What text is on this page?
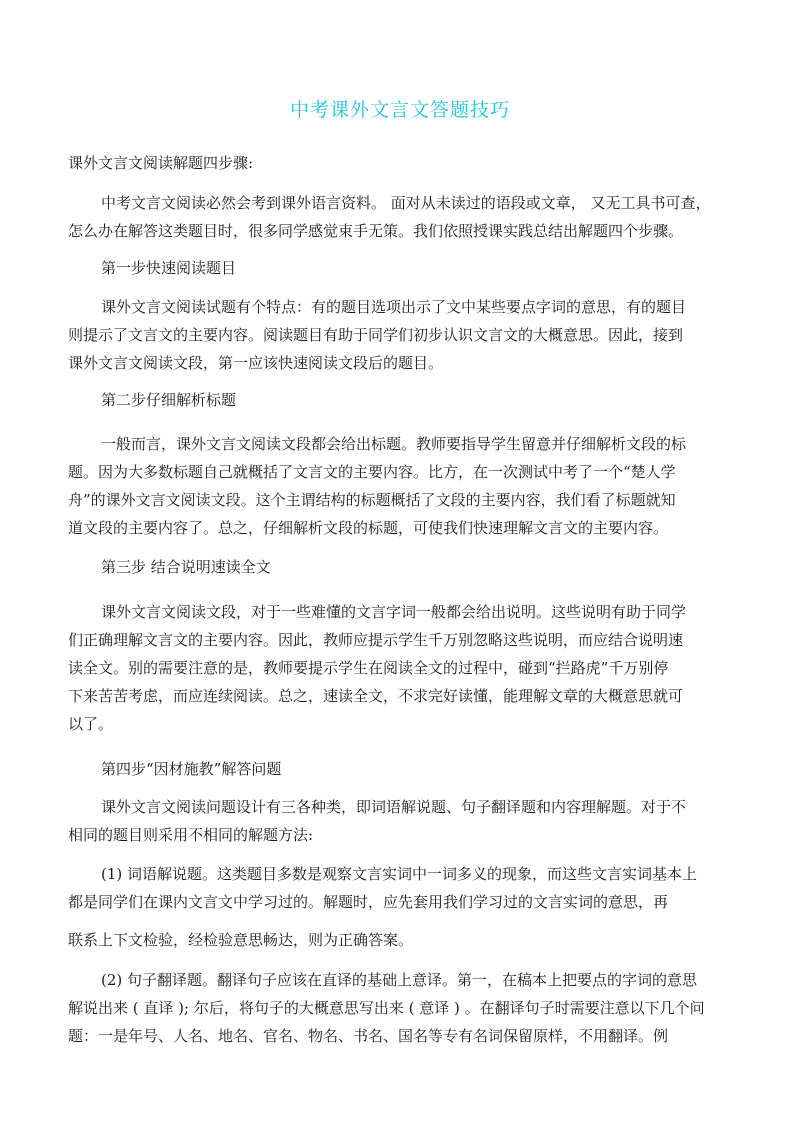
中考课外文言文答题技巧
课外文言文阅读解题四步骤:
中考文言文阅读必然会考到课外语言资料。 面对从未读过的语段或文章， 又无工具书可查，
怎么办在解答这类题目时，很多同学感觉束手无策。我们依照授课实践总结出解题四个步骤。
第一步快速阅读题目
课外文言文阅读试题有个特点：有的题目选项出示了文中某些要点字词的意思，有的题目
则提示了文言文的主要内容。阅读题目有助于同学们初步认识文言文的大概意思。因此，接到
课外文言文阅读文段，第一应该快速阅读文段后的题目。
第二步仔细解析标题
一般而言，课外文言文阅读文段都会给出标题。教师要指导学生留意并仔细解析文段的标
题。因为大多数标题自己就概括了文言文的主要内容。比方，在一次测试中考了一个“楚人学
舟”的课外文言文阅读文段。这个主谓结构的标题概括了文段的主要内容，我们看了标题就知
道文段的主要内容了。总之，仔细解析文段的标题，可使我们快速理解文言文的主要内容。
第三步 结合说明速读全文
课外文言文阅读文段，对于一些难懂的文言字词一般都会给出说明。这些说明有助于同学
们正确理解文言文的主要内容。因此，教师应提示学生千万别忽略这些说明，而应结合说明速
读全文。别的需要注意的是，教师要提示学生在阅读全文的过程中，碰到“拦路虎”千万别停
下来苦苦考虑，而应连续阅读。总之，速读全文，不求完好读懂，能理解文章的大概意思就可
以了。
第四步“因材施教”解答问题
课外文言文阅读问题设计有三各种类，即词语解说题、句子翻译题和内容理解题。对于不
相同的题目则采用不相同的解题方法:
(1) 词语解说题。这类题目多数是观察文言实词中一词多义的现象，而这些文言实词基本上
都是同学们在课内文言文中学习过的。解题时，应先套用我们学习过的文言实词的意思，再
联系上下文检验，经检验意思畅达，则为正确答案。
(2) 句子翻译题。翻译句子应该在直译的基础上意译。第一，在稿本上把要点的字词的意思
解说出来 ( 直译 ); 尔后，将句子的大概意思写出来 ( 意译 ) 。在翻译句子时需要注意以下几个问
题：一是年号、人名、地名、官名、物名、书名、国名等专有名词保留原样，不用翻译。例
